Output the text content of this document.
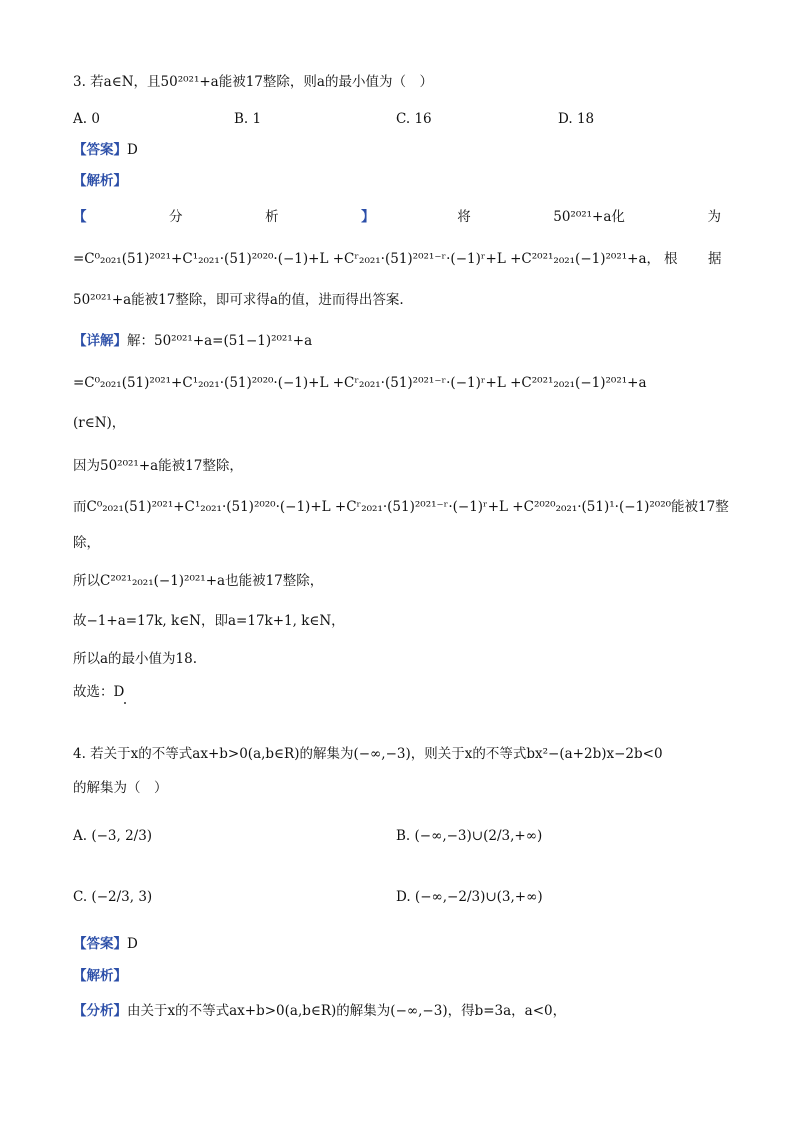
3. 若a∈N，且50²⁰²¹+a能被17整除，则a的最小值为（　）
A. 0	B. 1	C. 16	D. 18
【答案】D
【解析】
【	分	析	】	将	50²⁰²¹+a化	为
=C⁰₂₀₂₁(51)²⁰²¹+C¹₂₀₂₁·(51)²⁰²⁰·(−1)+L +Cʳ₂₀₂₁·(51)²⁰²¹⁻ʳ·(−1)ʳ+L +C²⁰²¹₂₀₂₁(−1)²⁰²¹+a， 根 据
50²⁰²¹+a能被17整除，即可求得a的值，进而得出答案.
【详解】解：50²⁰²¹+a=(51−1)²⁰²¹+a
=C⁰₂₀₂₁(51)²⁰²¹+C¹₂₀₂₁·(51)²⁰²⁰·(−1)+L +Cʳ₂₀₂₁·(51)²⁰²¹⁻ʳ·(−1)ʳ+L +C²⁰²¹₂₀₂₁(−1)²⁰²¹+a
(r∈N)，
因为50²⁰²¹+a能被17整除，
而C⁰₂₀₂₁(51)²⁰²¹+C¹₂₀₂₁·(51)²⁰²⁰·(−1)+L +Cʳ₂₀₂₁·(51)²⁰²¹⁻ʳ·(−1)ʳ+L +C²⁰²⁰₂₀₂₁·(51)¹·(−1)²⁰²⁰能被17整
除，
所以C²⁰²¹₂₀₂₁(−1)²⁰²¹+a也能被17整除，
故−1+a=17k, k∈N，即a=17k+1, k∈N，
所以a的最小值为18.
故选：D
4. 若关于x的不等式ax+b>0(a,b∈R)的解集为(−∞,−3)，则关于x的不等式bx²−(a+2b)x−2b<0
的解集为（　）
A. (−3, 2/3)	B. (−∞,−3)∪(2/3,+∞)
C. (−2/3, 3)	D. (−∞,−2/3)∪(3,+∞)
【答案】D
【解析】
【分析】由关于x的不等式ax+b>0(a,b∈R)的解集为(−∞,−3)，得b=3a，a<0，
